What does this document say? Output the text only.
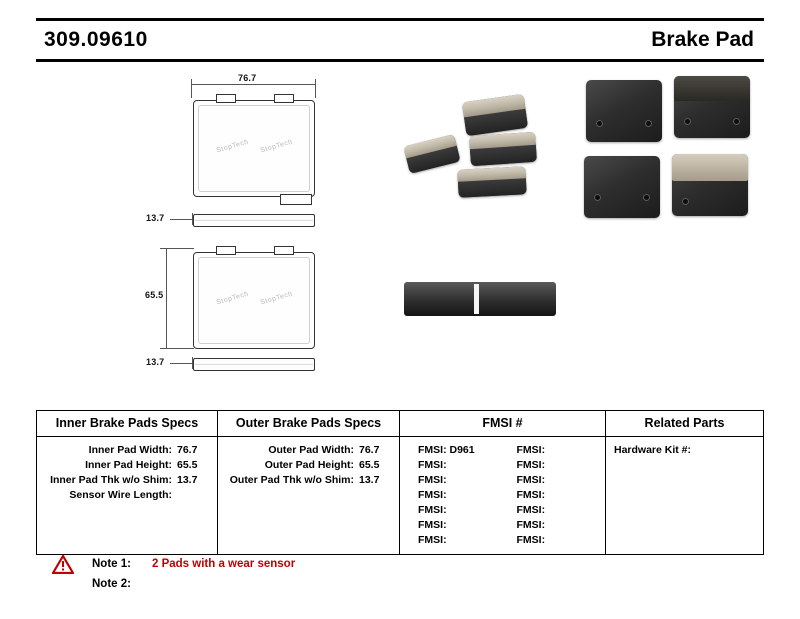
309.09610	Brake Pad
76.7
StopTech StopTech
13.7
StopTech StopTech
65.5
13.7
Inner Brake Pads Specs
Inner Pad Width: 76.7
Inner Pad Height: 65.5
Inner Pad Thk w/o Shim: 13.7
Sensor Wire Length:

Outer Brake Pads Specs
Outer Pad Width: 76.7
Outer Pad Height: 65.5
Outer Pad Thk w/o Shim: 13.7

FMSI #
FMSI: D961
FMSI:
FMSI:
FMSI:
FMSI:
FMSI:
FMSI:
FMSI:
FMSI:
FMSI:
FMSI:
FMSI:
FMSI:
FMSI:
Related Parts
Hardware Kit #:
Note 1:	2 Pads with a wear sensor
Note 2:
